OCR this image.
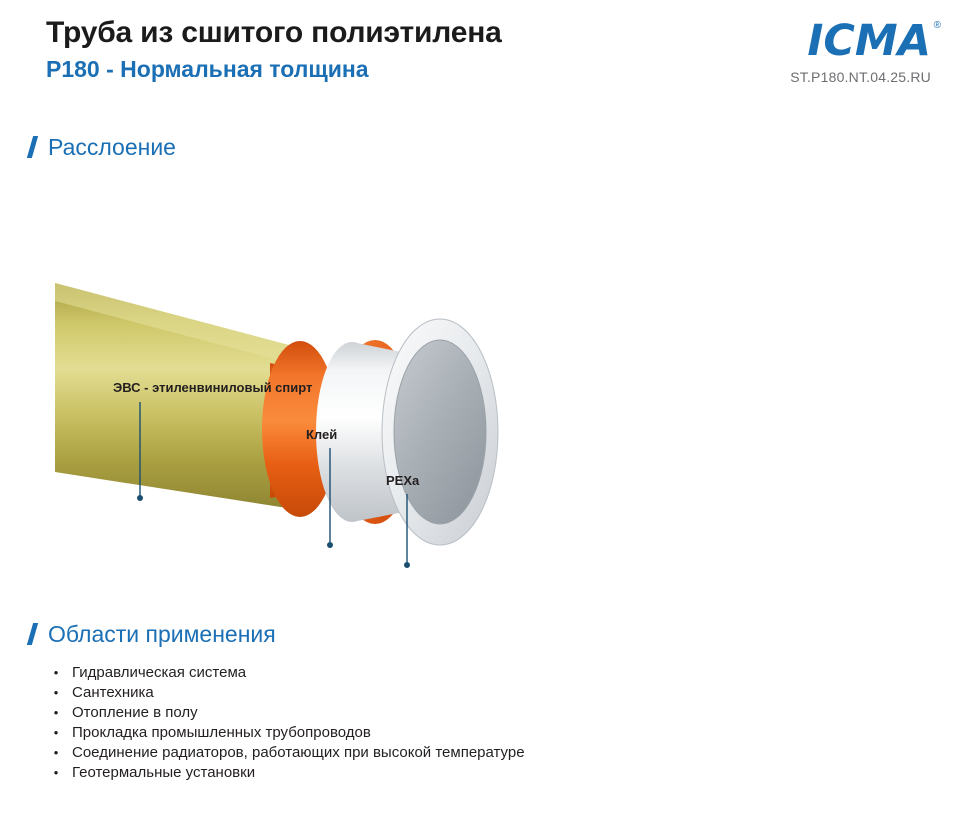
Труба из сшитого полиэтилена
P180 - Нормальная толщина
ICMA ®
ST.P180.NT.04.25.RU
Расслоение
ЭВС - этиленвиниловый спирт
Клей
PEXa
Области применения
• Гидравлическая система
• Сантехника
• Отопление в полу
• Прокладка промышленных трубопроводов
• Соединение радиаторов, работающих при высокой температуре
• Геотермальные установки
